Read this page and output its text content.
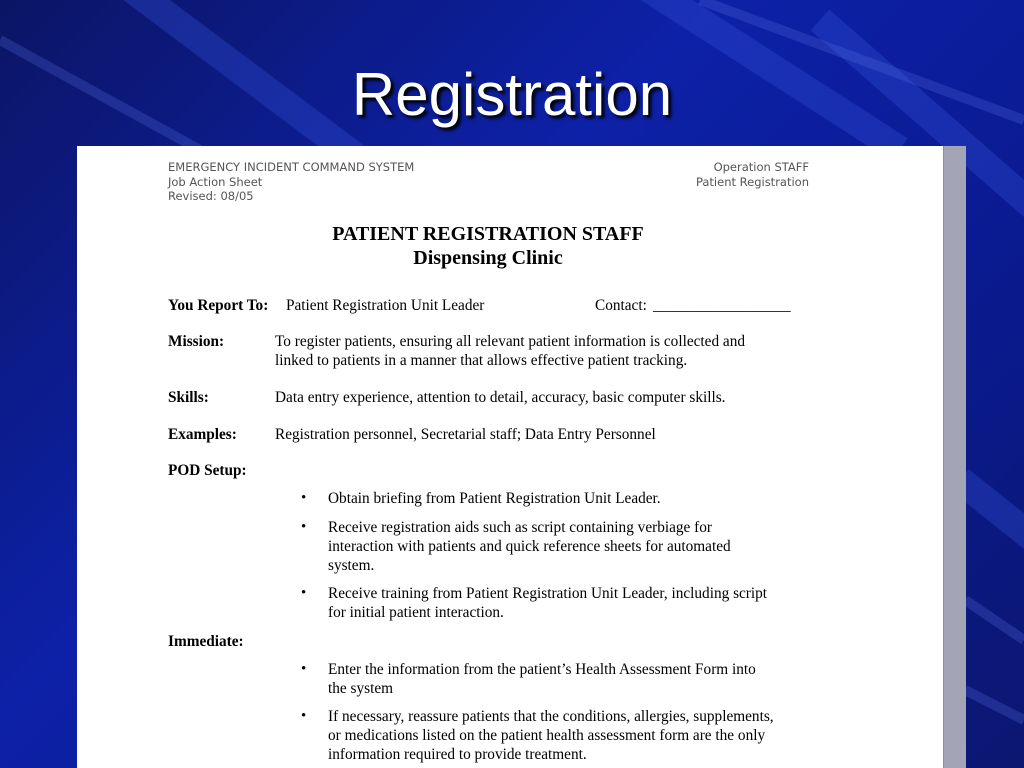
Registration
EMERGENCY INCIDENT COMMAND SYSTEM
Job Action Sheet
Revised: 08/05
Operation STAFF
Patient Registration
PATIENT REGISTRATION STAFF
Dispensing Clinic
You Report To: Patient Registration Unit Leader	Contact: __________________
Mission:	To register patients, ensuring all relevant patient information is collected and
linked to patients in a manner that allows effective patient tracking.
Skills:	Data entry experience, attention to detail, accuracy, basic computer skills.
Examples: Registration personnel, Secretarial staff; Data Entry Personnel
POD Setup:
• Obtain briefing from Patient Registration Unit Leader.
• Receive registration aids such as script containing verbiage for
interaction with patients and quick reference sheets for automated
system.
• Receive training from Patient Registration Unit Leader, including script
for initial patient interaction.
Immediate:
• Enter the information from the patient’s Health Assessment Form into
the system
• If necessary, reassure patients that the conditions, allergies, supplements,
or medications listed on the patient health assessment form are the only
information required to provide treatment.
